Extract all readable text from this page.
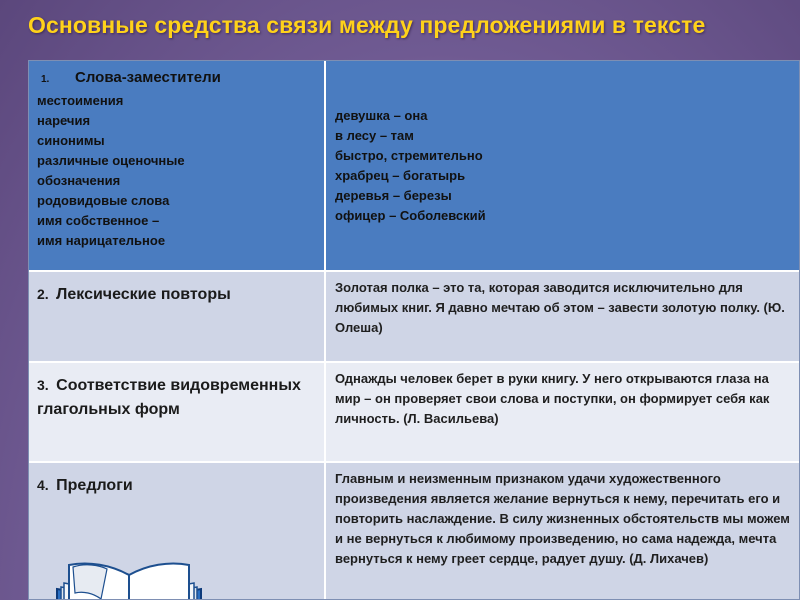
Основные средства связи между предложениями в тексте
1. Слова-заместители
местоимения
наречия
синонимы
различные оценочные
обозначения
родовидовые слова
имя собственное –
имя нарицательное
девушка – она
в лесу – там
быстро, стремительно
храбрец – богатырь
деревья – березы
офицер – Соболевский
2. Лексические повторы	Золотая полка – это та, которая заводится исключительно для любимых книг. Я давно мечтаю об этом – завести золотую полку. (Ю. Олеша)
3. Соответствие видовременных глагольных форм
Однажды человек берет в руки книгу. У него открываются глаза на мир – он проверяет свои слова и поступки, он формирует себя как личность. (Л. Васильева)
4. Предлоги	Главным и неизменным признаком удачи художественного произведения является желание вернуться к нему, перечитать его и повторить наслаждение. В силу жизненных обстоятельств мы можем и не вернуться к любимому произведению, но сама надежда, мечта вернуться к нему греет сердце, радует душу. (Д. Лихачев)
